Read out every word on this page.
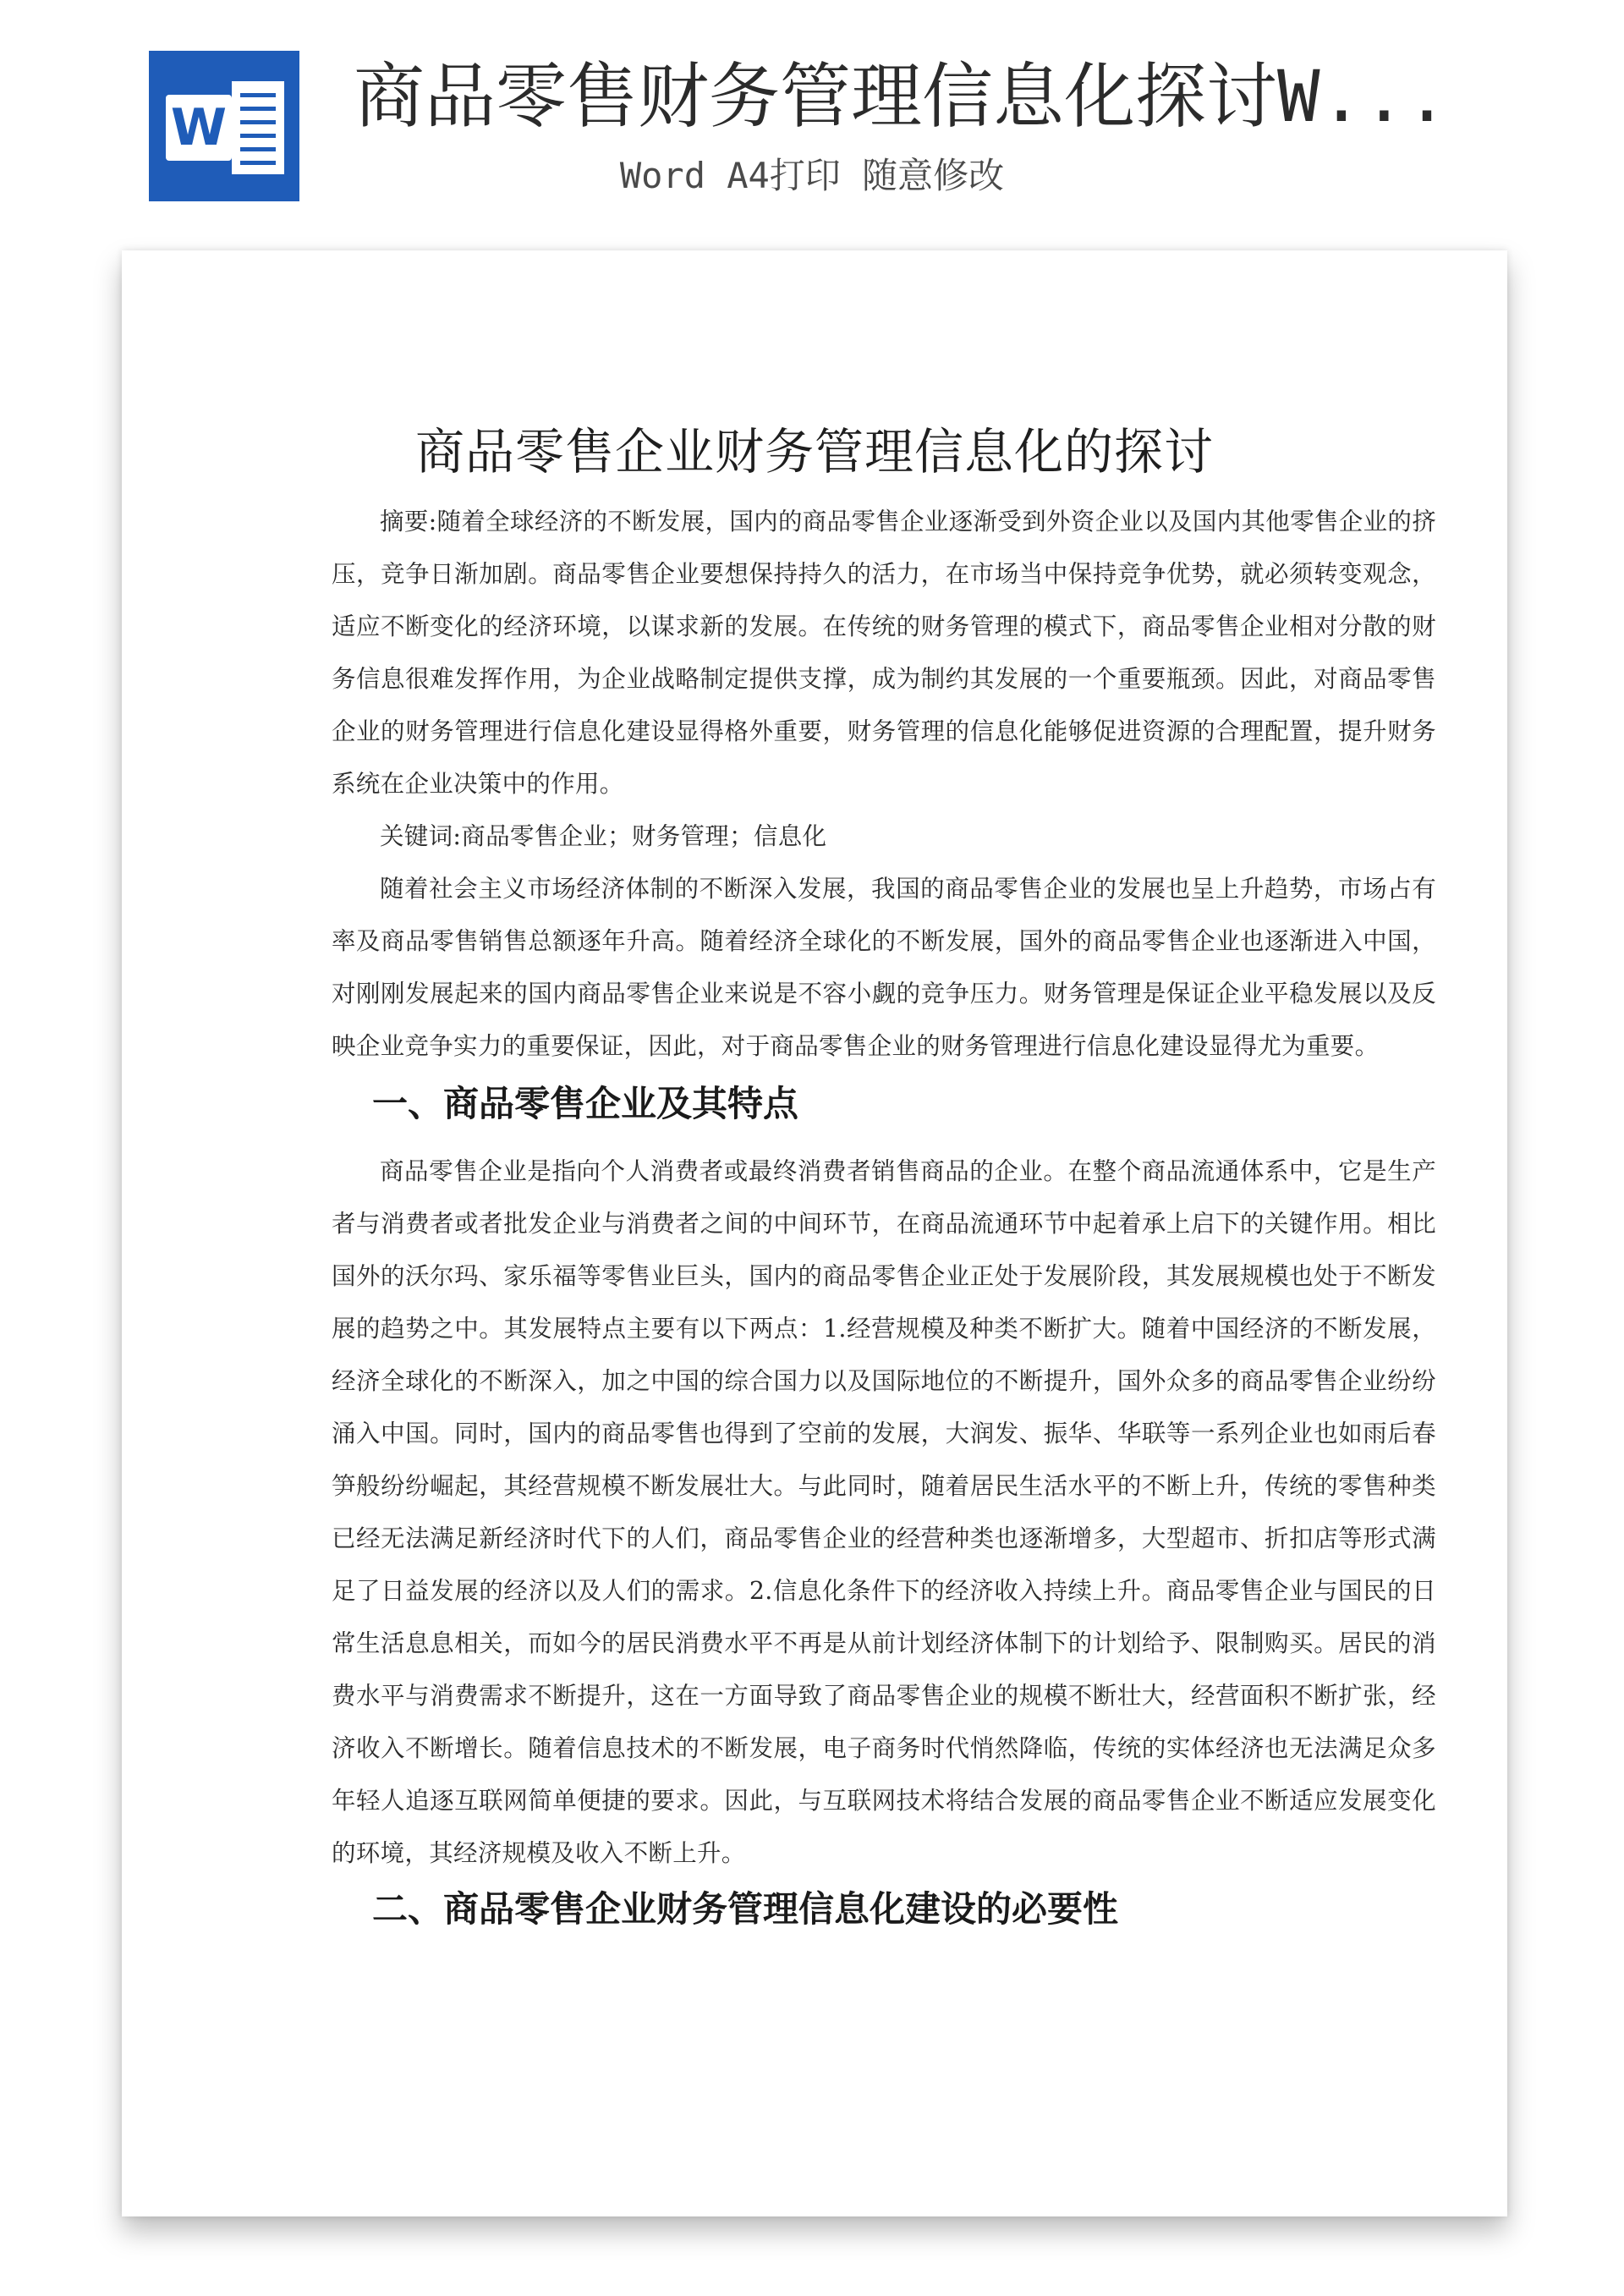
W 商品零售财务管理信息化探讨W...
Word A4打印 随意修改
商品零售企业财务管理信息化的探讨

摘要:随着全球经济的不断发展，国内的商品零售企业逐渐受到外资企业以及国内其他零售企业的挤压，竞争日渐加剧。商品零售企业要想保持持久的活力，在市场当中保持竞争优势，就必须转变观念，适应不断变化的经济环境，以谋求新的发展。在传统的财务管理的模式下，商品零售企业相对分散的财务信息很难发挥作用，为企业战略制定提供支撑，成为制约其发展的一个重要瓶颈。因此，对商品零售企业的财务管理进行信息化建设显得格外重要，财务管理的信息化能够促进资源的合理配置，提升财务系统在企业决策中的作用。

关键词:商品零售企业；财务管理；信息化

随着社会主义市场经济体制的不断深入发展，我国的商品零售企业的发展也呈上升趋势，市场占有率及商品零售销售总额逐年升高。随着经济全球化的不断发展，国外的商品零售企业也逐渐进入中国，对刚刚发展起来的国内商品零售企业来说是不容小觑的竞争压力。财务管理是保证企业平稳发展以及反映企业竞争实力的重要保证，因此，对于商品零售企业的财务管理进行信息化建设显得尤为重要。

一、商品零售企业及其特点

商品零售企业是指向个人消费者或最终消费者销售商品的企业。在整个商品流通体系中，它是生产者与消费者或者批发企业与消费者之间的中间环节，在商品流通环节中起着承上启下的关键作用。相比国外的沃尔玛、家乐福等零售业巨头，国内的商品零售企业正处于发展阶段，其发展规模也处于不断发展的趋势之中。其发展特点主要有以下两点：1.经营规模及种类不断扩大。随着中国经济的不断发展，经济全球化的不断深入，加之中国的综合国力以及国际地位的不断提升，国外众多的商品零售企业纷纷涌入中国。同时，国内的商品零售也得到了空前的发展，大润发、振华、华联等一系列企业也如雨后春笋般纷纷崛起，其经营规模不断发展壮大。与此同时，随着居民生活水平的不断上升，传统的零售种类已经无法满足新经济时代下的人们，商品零售企业的经营种类也逐渐增多，大型超市、折扣店等形式满足了日益发展的经济以及人们的需求。2.信息化条件下的经济收入持续上升。商品零售企业与国民的日常生活息息相关，而如今的居民消费水平不再是从前计划经济体制下的计划给予、限制购买。居民的消费水平与消费需求不断提升，这在一方面导致了商品零售企业的规模不断壮大，经营面积不断扩张，经济收入不断增长。随着信息技术的不断发展，电子商务时代悄然降临，传统的实体经济也无法满足众多年轻人追逐互联网简单便捷的要求。因此，与互联网技术将结合发展的商品零售企业不断适应发展变化的环境，其经济规模及收入不断上升。

二、商品零售企业财务管理信息化建设的必要性
